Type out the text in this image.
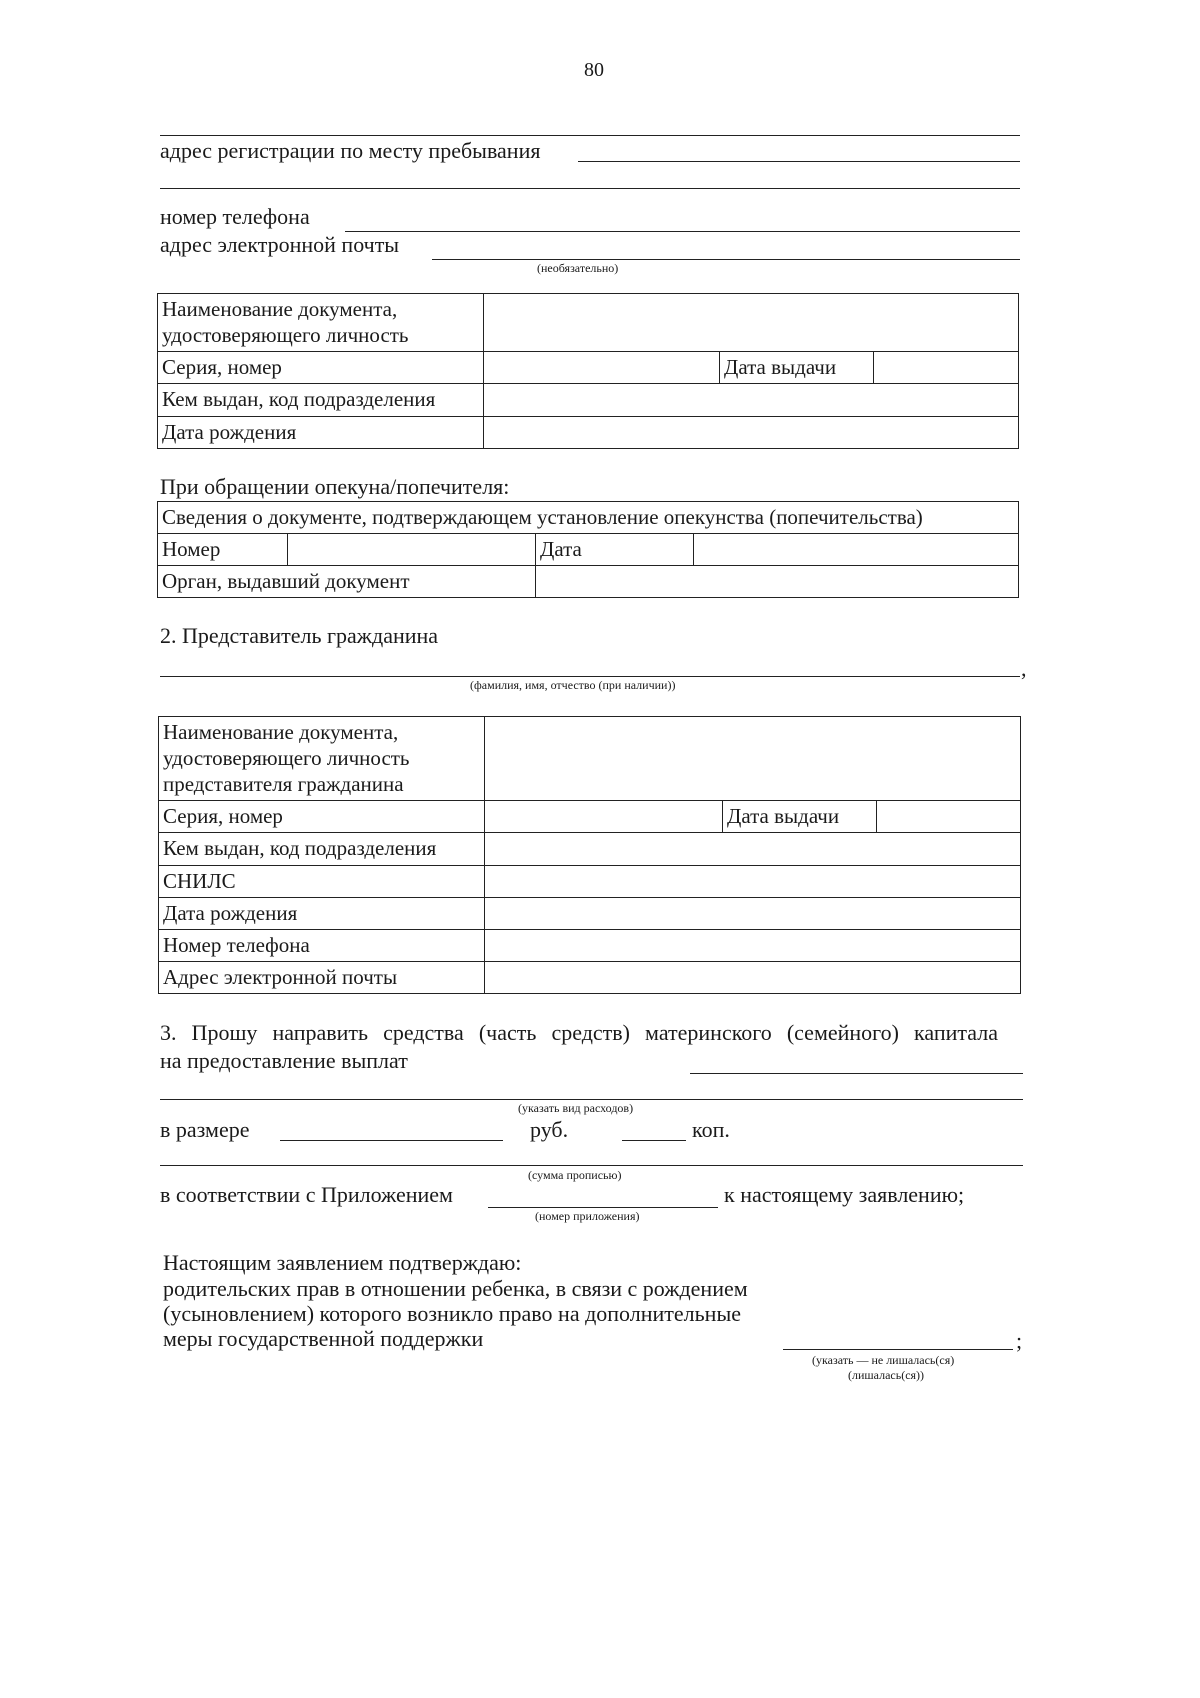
80
адрес регистрации по месту пребывания
номер телефона
адрес электронной почты
(необязательно)
Наименование документа, удостоверяющего личность			
Серия, номер		Дата выдачи	
Кем выдан, код подразделения			
Дата рождения			
При обращении опекуна/попечителя:
Сведения о документе, подтверждающем установление опекунства (попечительства)			
Номер		Дата	
Орган, выдавший документ			
2. Представитель гражданина
,
(фамилия, имя, отчество (при наличии))
Наименование документа, удостоверяющего личность представителя гражданина			
Серия, номер		Дата выдачи	
Кем выдан, код подразделения			
СНИЛС			
Дата рождения			
Номер телефона			
Адрес электронной почты			
3. Прошу направить средства (часть средств) материнского (семейного) капитала
на предоставление выплат
(указать вид расходов)
в размере	руб.	коп.
(сумма прописью)
в соответствии с Приложением	к настоящему заявлению;
(номер приложения)
Настоящим заявлением подтверждаю:
родительских прав в отношении ребенка, в связи с рождением
(усыновлением) которого возникло право на дополнительные
меры государственной поддержки	;
(указать — не лишалась(ся)
(лишалась(ся))
